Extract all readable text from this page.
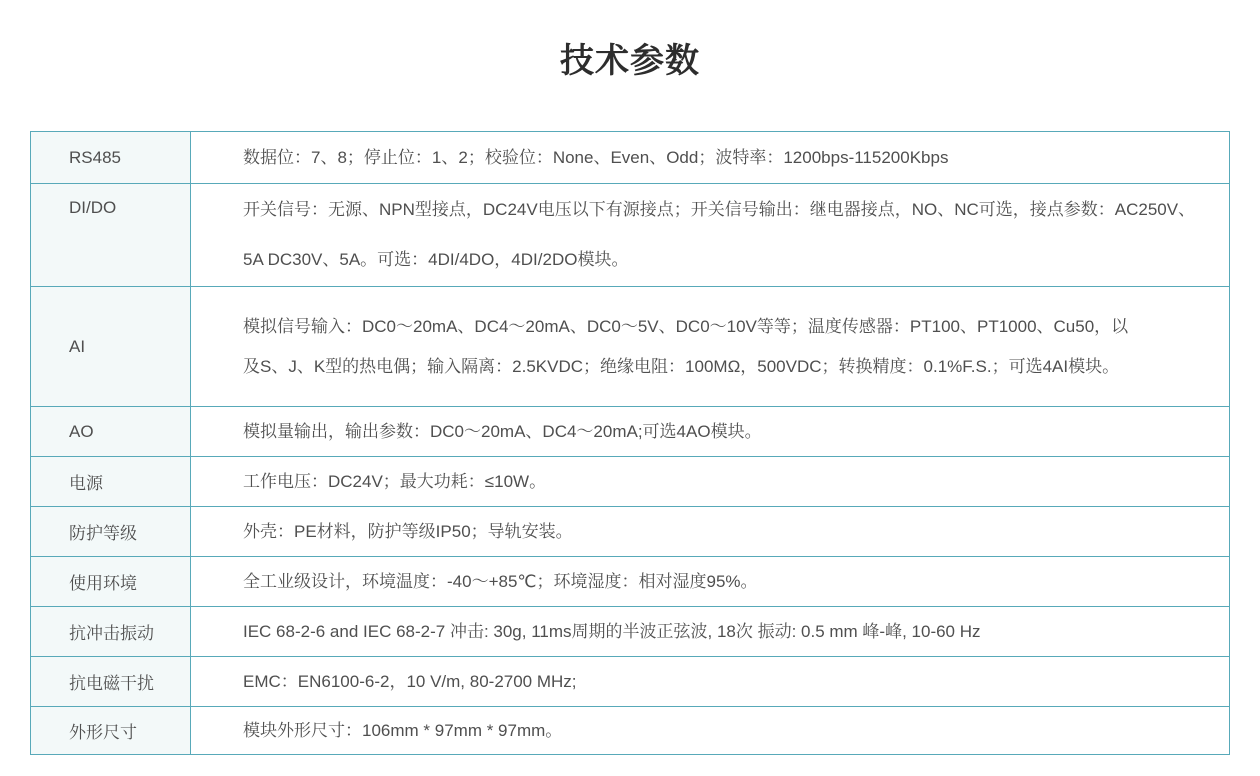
技术参数
RS485	数据位：7、8；停止位：1、2；校验位：None、Even、Odd；波特率：1200bps-115200Kbps

DI/DO	开关信号：无源、NPN型接点，DC24V电压以下有源接点；开关信号输出：继电器接点，NO、NC可选，接点参数：AC250V、
5A DC30V、5A。可选：4DI/4DO，4DI/2DO模块。

AI	模拟信号输入：DC0～20mA、DC4～20mA、DC0～5V、DC0～10V等等；温度传感器：PT100、PT1000、Cu50，以
及S、J、K型的热电偶；输入隔离：2.5KVDC；绝缘电阻：100MΩ，500VDC；转换精度：0.1%F.S.；可选4AI模块。

AO	模拟量输出，输出参数：DC0～20mA、DC4～20mA;可选4AO模块。

电源	工作电压：DC24V；最大功耗：≤10W。

防护等级	外壳：PE材料，防护等级IP50；导轨安装。

使用环境	全工业级设计，环境温度：-40～+85℃；环境湿度：相对湿度95%。

抗冲击振动	IEC 68-2-6 and IEC 68-2-7 冲击: 30g, 11ms周期的半波正弦波, 18次 振动: 0.5 mm 峰-峰, 10-60 Hz

抗电磁干扰	EMC：EN6100-6-2，10 V/m, 80-2700 MHz;

外形尺寸	模块外形尺寸：106mm * 97mm * 97mm。
